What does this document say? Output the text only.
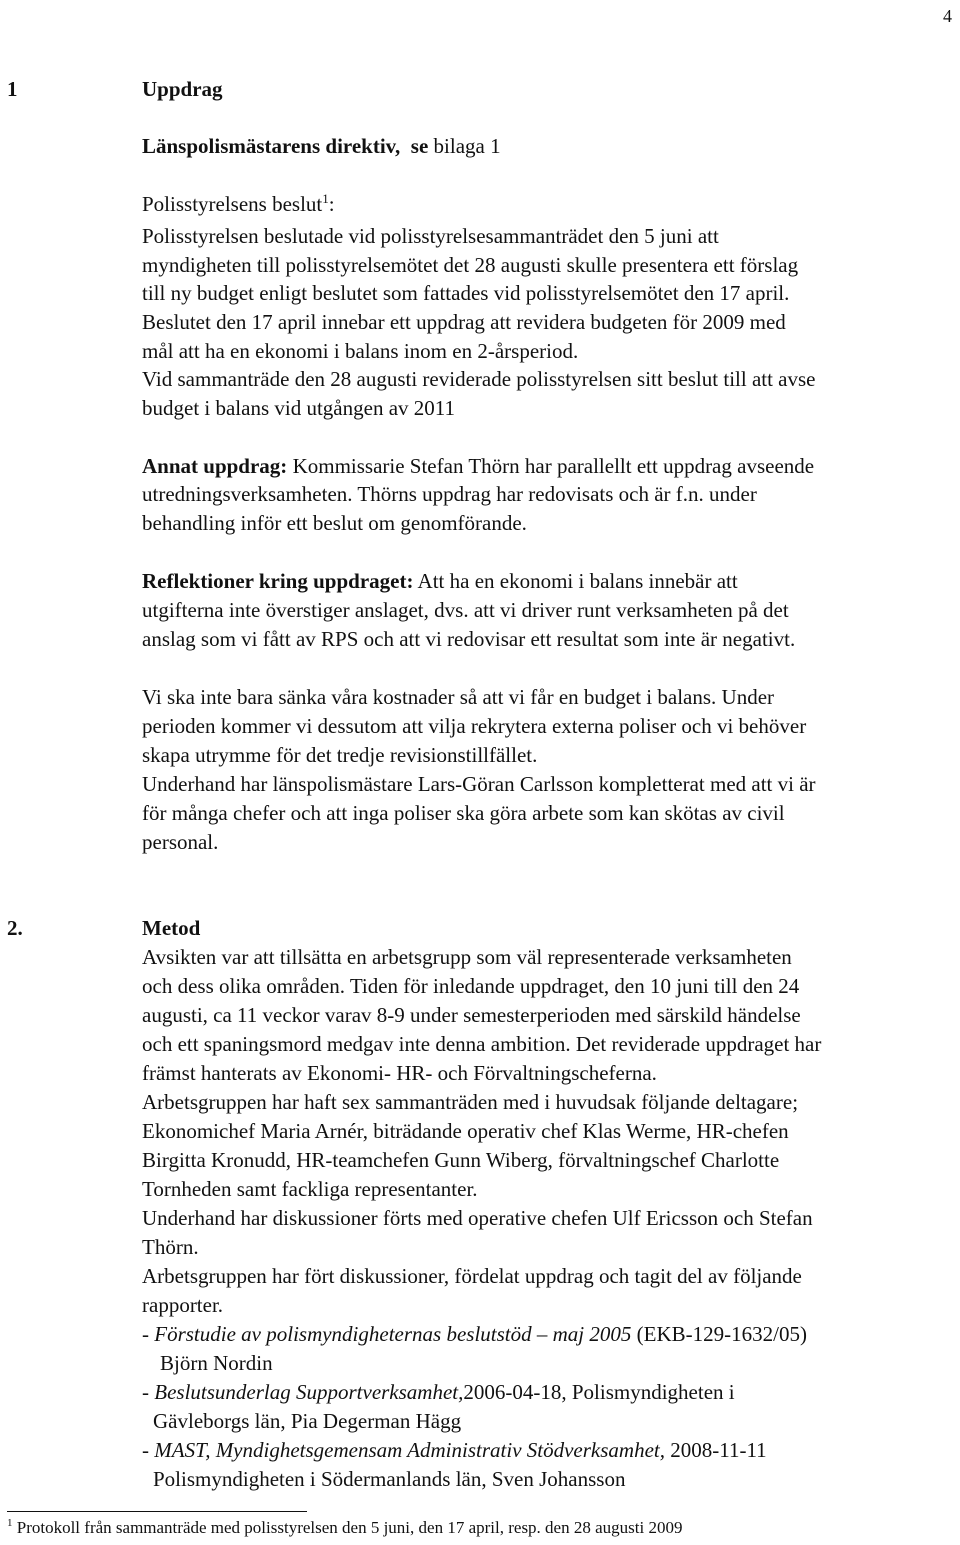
4
1	Uppdrag
Länspolismästarens direktiv, se bilaga 1
Polisstyrelsens beslut$^1$:
Polisstyrelsen beslutade vid polisstyrelsesammanträdet den 5 juni att
myndigheten till polisstyrelsemötet det 28 augusti skulle presentera ett förslag
till ny budget enligt beslutet som fattades vid polisstyrelsemötet den 17 april.
Beslutet den 17 april innebar ett uppdrag att revidera budgeten för 2009 med
mål att ha en ekonomi i balans inom en 2-årsperiod.
Vid sammanträde den 28 augusti reviderade polisstyrelsen sitt beslut till att avse
budget i balans vid utgången av 2011
Annat uppdrag: Kommissarie Stefan Thörn har parallellt ett uppdrag avseende
utredningsverksamheten. Thörns uppdrag har redovisats och är f.n. under
behandling inför ett beslut om genomförande.
Reflektioner kring uppdraget: Att ha en ekonomi i balans innebär att
utgifterna inte överstiger anslaget, dvs. att vi driver runt verksamheten på det
anslag som vi fått av RPS och att vi redovisar ett resultat som inte är negativt.
Vi ska inte bara sänka våra kostnader så att vi får en budget i balans. Under
perioden kommer vi dessutom att vilja rekrytera externa poliser och vi behöver
skapa utrymme för det tredje revisionstillfället.
Underhand har länspolismästare Lars-Göran Carlsson kompletterat med att vi är
för många chefer och att inga poliser ska göra arbete som kan skötas av civil
personal.
2.	Metod
Avsikten var att tillsätta en arbetsgrupp som väl representerade verksamheten
och dess olika områden. Tiden för inledande uppdraget, den 10 juni till den 24
augusti, ca 11 veckor varav 8-9 under semesterperioden med särskild händelse
och ett spaningsmord medgav inte denna ambition. Det reviderade uppdraget har
främst hanterats av Ekonomi- HR- och Förvaltningscheferna.
Arbetsgruppen har haft sex sammanträden med i huvudsak följande deltagare;
Ekonomichef Maria Arnér, biträdande operativ chef Klas Werme, HR-chefen
Birgitta Kronudd, HR-teamchefen Gunn Wiberg, förvaltningschef Charlotte
Tornheden samt fackliga representanter.
Underhand har diskussioner förts med operative chefen Ulf Ericsson och Stefan
Thörn.
Arbetsgruppen har fört diskussioner, fördelat uppdrag och tagit del av följande
rapporter.
- Förstudie av polismyndigheternas beslutstöd – maj 2005 (EKB-129-1632/05)
Björn Nordin
- Beslutsunderlag Supportverksamhet,2006-04-18, Polismyndigheten i
Gävleborgs län, Pia Degerman Hägg
- MAST, Myndighetsgemensam Administrativ Stödverksamhet, 2008-11-11
Polismyndigheten i Södermanlands län, Sven Johansson
$^1$ Protokoll från sammanträde med polisstyrelsen den 5 juni, den 17 april, resp. den 28 augusti 2009
